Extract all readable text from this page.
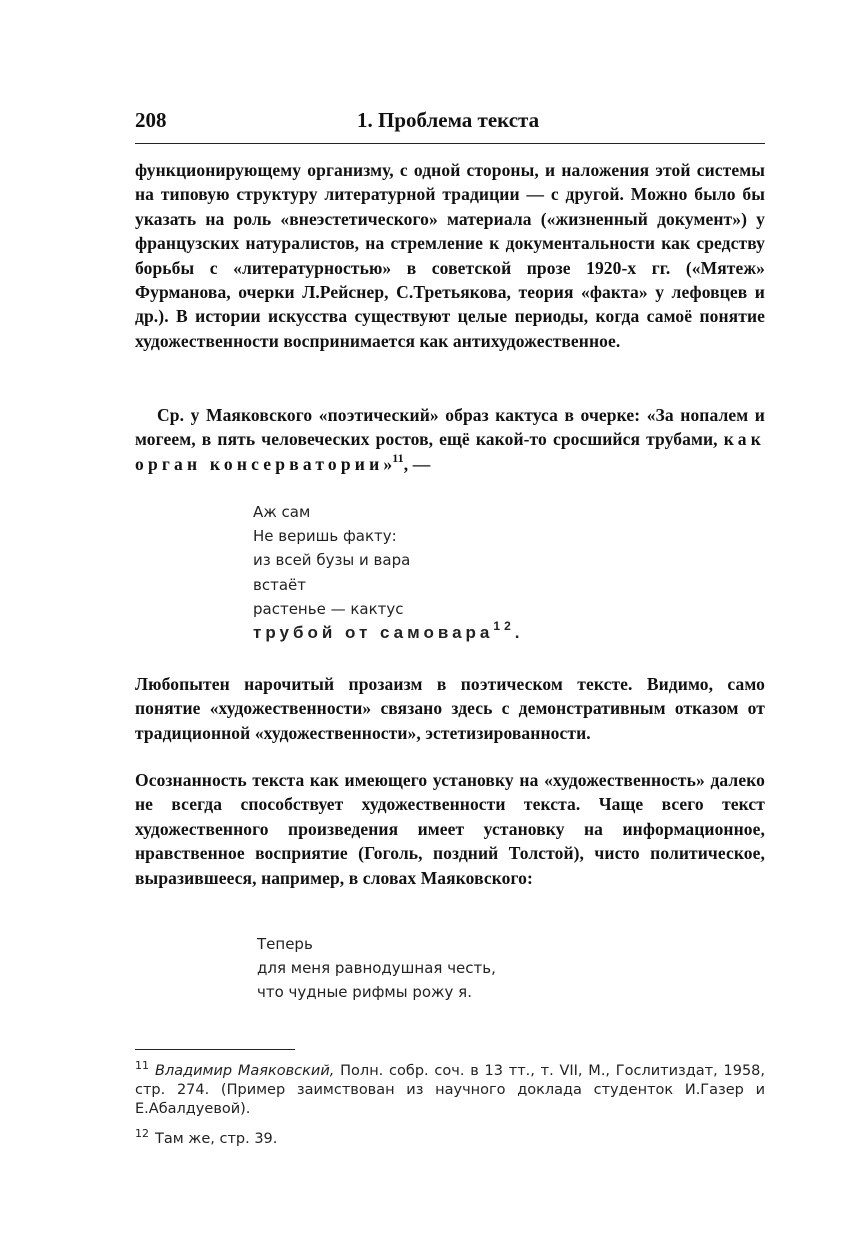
208	1. Проблема текста

функционирующему организму, с одной стороны, и наложения этой системы на типовую структуру литературной традиции — с другой. Можно было бы указать на роль «внеэстетического» материала («жизненный документ») у французских натуралистов, на стремление к документальности как средству борьбы с «литературностью» в советской прозе 1920-х гг. («Мятеж» Фурманова, очерки Л.Рейснер, С.Третьякова, теория «факта» у лефовцев и др.). В истории искусства существуют целые периоды, когда самоё понятие художественности воспринимается как антихудожественное.

Ср. у Маяковского «поэтический» образ кактуса в очерке: «За нопалем и могеем, в пять человеческих ростов, ещё какой-то сросшийся трубами, как орган консерватории»$^{11}$, —

Аж сам
Не веришь факту:
из всей бузы и вара
встаёт
растенье — кактус
трубой от самовара$^{12}$.

Любопытен нарочитый прозаизм в поэтическом тексте. Видимо, само понятие «художественности» связано здесь с демонстративным отказом от традиционной «художественности», эстетизированности.

Осознанность текста как имеющего установку на «художественность» далеко не всегда способствует художественности текста. Чаще всего текст художественного произведения имеет установку на информационное, нравственное восприятие (Гоголь, поздний Толстой), чисто политическое, выразившееся, например, в словах Маяковского:

Теперь
для меня равнодушная честь,
что чудные рифмы рожу я.
$^{11}$ Владимир Маяковский, Полн. собр. соч. в 13 тт., т. VII, М., Гослитиздат, 1958, стр. 274. (Пример заимствован из научного доклада студенток И.Газер и Е.Абалдуевой).
$^{12}$ Там же, стр. 39.
